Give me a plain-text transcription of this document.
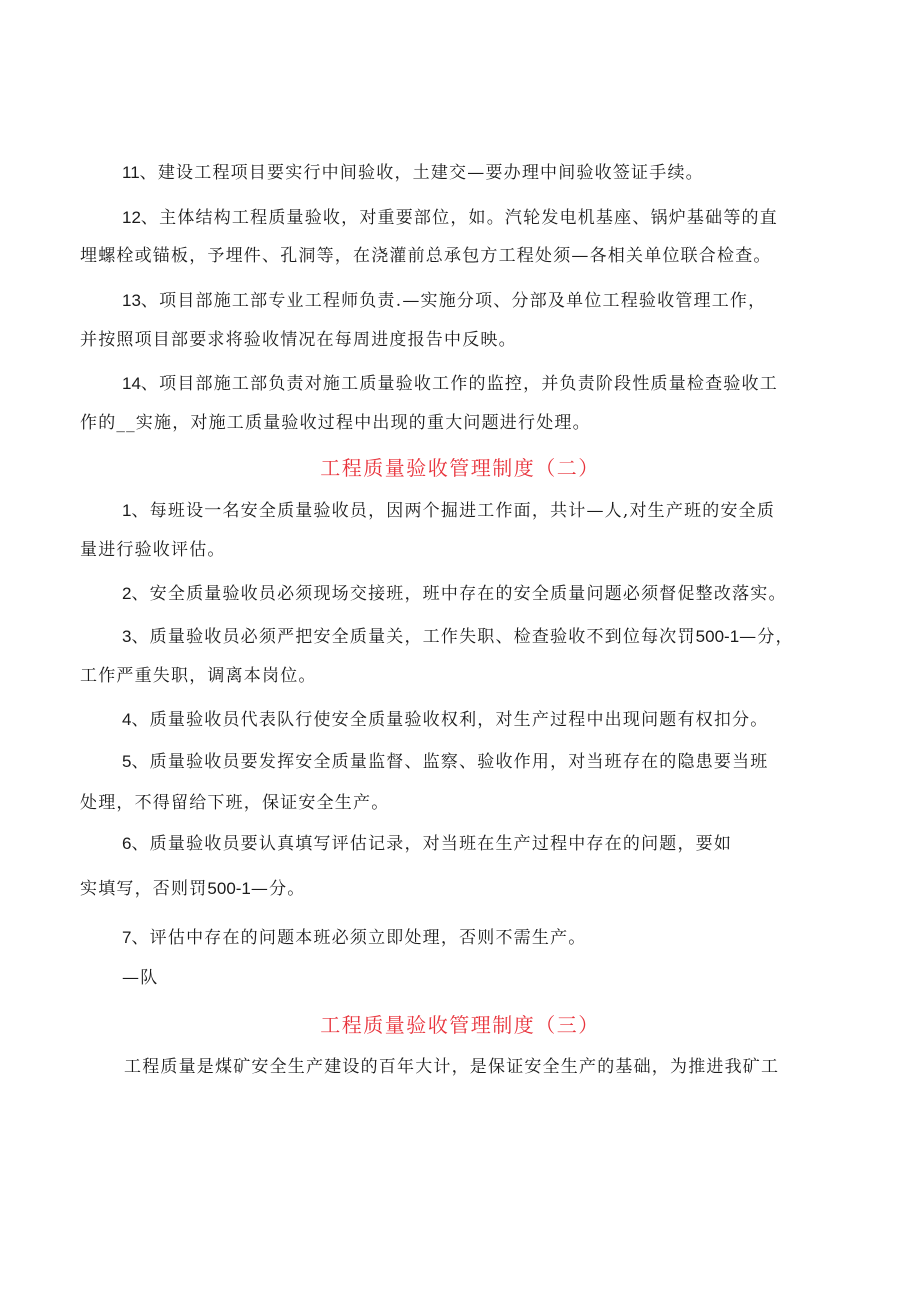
11、建设工程项目要实行中间验收，土建交—要办理中间验收签证手续。
12、主体结构工程质量验收，对重要部位，如。汽轮发电机基座、锅炉基础等的直
埋螺栓或锚板，予埋件、孔洞等，在浇灌前总承包方工程处须—各相关单位联合检查。
13、项目部施工部专业工程师负责.—实施分项、分部及单位工程验收管理工作，
并按照项目部要求将验收情况在每周进度报告中反映。
14、项目部施工部负责对施工质量验收工作的监控，并负责阶段性质量检查验收工
作的__实施，对施工质量验收过程中出现的重大问题进行处理。
工程质量验收管理制度（二）
1、每班设一名安全质量验收员，因两个掘进工作面，共计—人,对生产班的安全质
量进行验收评估。
2、安全质量验收员必须现场交接班，班中存在的安全质量问题必须督促整改落实。
3、质量验收员必须严把安全质量关，工作失职、检查验收不到位每次罚500-1—分，
工作严重失职，调离本岗位。
4、质量验收员代表队行使安全质量验收权利，对生产过程中出现问题有权扣分。
5、质量验收员要发挥安全质量监督、监察、验收作用，对当班存在的隐患要当班
处理，不得留给下班，保证安全生产。
6、质量验收员要认真填写评估记录，对当班在生产过程中存在的问题，要如
实填写，否则罚500-1—分。
7、评估中存在的问题本班必须立即处理，否则不需生产。
—队
工程质量验收管理制度（三）
工程质量是煤矿安全生产建设的百年大计，是保证安全生产的基础，为推进我矿工
